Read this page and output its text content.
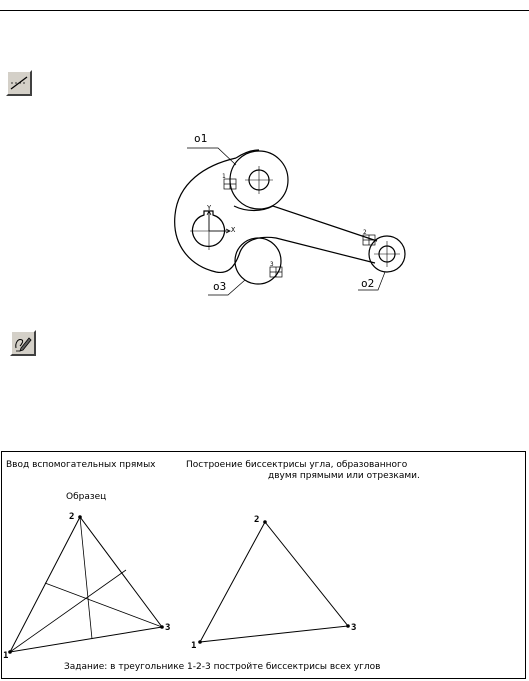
Y
X
o1
o2
o3
1
2
3
Ввод вспомогательных прямых	Построение биссектрисы угла, образованного
двумя прямыми или отрезками.
Образец
2
1
3
2
1
3
Задание: в треугольнике 1-2-3 постройте биссектрисы всех углов
